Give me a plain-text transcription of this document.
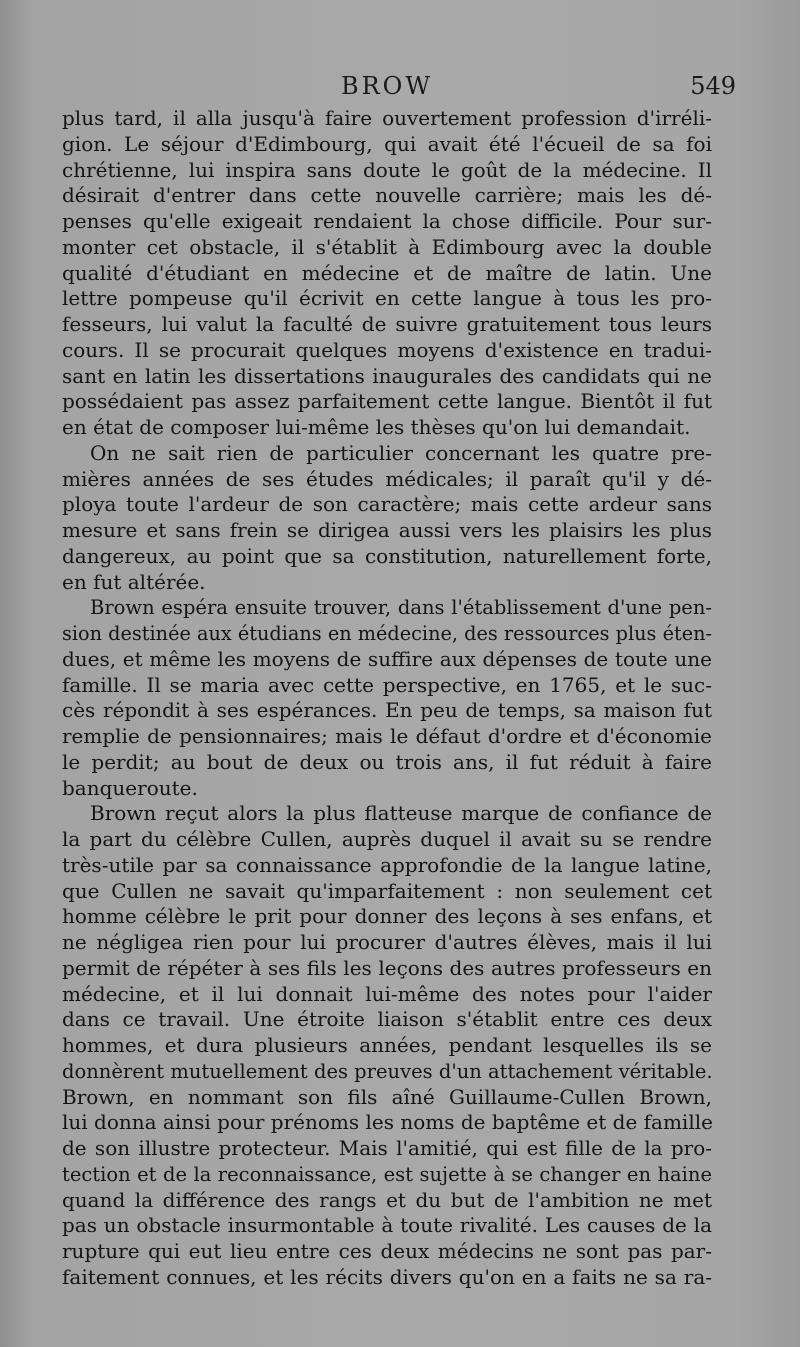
BROW	549
plus tard, il alla jusqu'à faire ouvertement profession d'irréli-
gion. Le séjour d'Edimbourg, qui avait été l'écueil de sa foi
chrétienne, lui inspira sans doute le goût de la médecine. Il
désirait d'entrer dans cette nouvelle carrière; mais les dé-
penses qu'elle exigeait rendaient la chose difficile. Pour sur-
monter cet obstacle, il s'établit à Edimbourg avec la double
qualité d'étudiant en médecine et de maître de latin. Une
lettre pompeuse qu'il écrivit en cette langue à tous les pro-
fesseurs, lui valut la faculté de suivre gratuitement tous leurs
cours. Il se procurait quelques moyens d'existence en tradui-
sant en latin les dissertations inaugurales des candidats qui ne
possédaient pas assez parfaitement cette langue. Bientôt il fut
en état de composer lui-même les thèses qu'on lui demandait.
On ne sait rien de particulier concernant les quatre pre-
mières années de ses études médicales; il paraît qu'il y dé-
ploya toute l'ardeur de son caractère; mais cette ardeur sans
mesure et sans frein se dirigea aussi vers les plaisirs les plus
dangereux, au point que sa constitution, naturellement forte,
en fut altérée.
Brown espéra ensuite trouver, dans l'établissement d'une pen-
sion destinée aux étudians en médecine, des ressources plus éten-
dues, et même les moyens de suffire aux dépenses de toute une
famille. Il se maria avec cette perspective, en 1765, et le suc-
cès répondit à ses espérances. En peu de temps, sa maison fut
remplie de pensionnaires; mais le défaut d'ordre et d'économie
le perdit; au bout de deux ou trois ans, il fut réduit à faire
banqueroute.
Brown reçut alors la plus flatteuse marque de confiance de
la part du célèbre Cullen, auprès duquel il avait su se rendre
très-utile par sa connaissance approfondie de la langue latine,
que Cullen ne savait qu'imparfaitement : non seulement cet
homme célèbre le prit pour donner des leçons à ses enfans, et
ne négligea rien pour lui procurer d'autres élèves, mais il lui
permit de répéter à ses fils les leçons des autres professeurs en
médecine, et il lui donnait lui-même des notes pour l'aider
dans ce travail. Une étroite liaison s'établit entre ces deux
hommes, et dura plusieurs années, pendant lesquelles ils se
donnèrent mutuellement des preuves d'un attachement véritable.
Brown, en nommant son fils aîné Guillaume-Cullen Brown,
lui donna ainsi pour prénoms les noms de baptême et de famille
de son illustre protecteur. Mais l'amitié, qui est fille de la pro-
tection et de la reconnaissance, est sujette à se changer en haine
quand la différence des rangs et du but de l'ambition ne met
pas un obstacle insurmontable à toute rivalité. Les causes de la
rupture qui eut lieu entre ces deux médecins ne sont pas par-
faitement connues, et les récits divers qu'on en a faits ne sa ra-
